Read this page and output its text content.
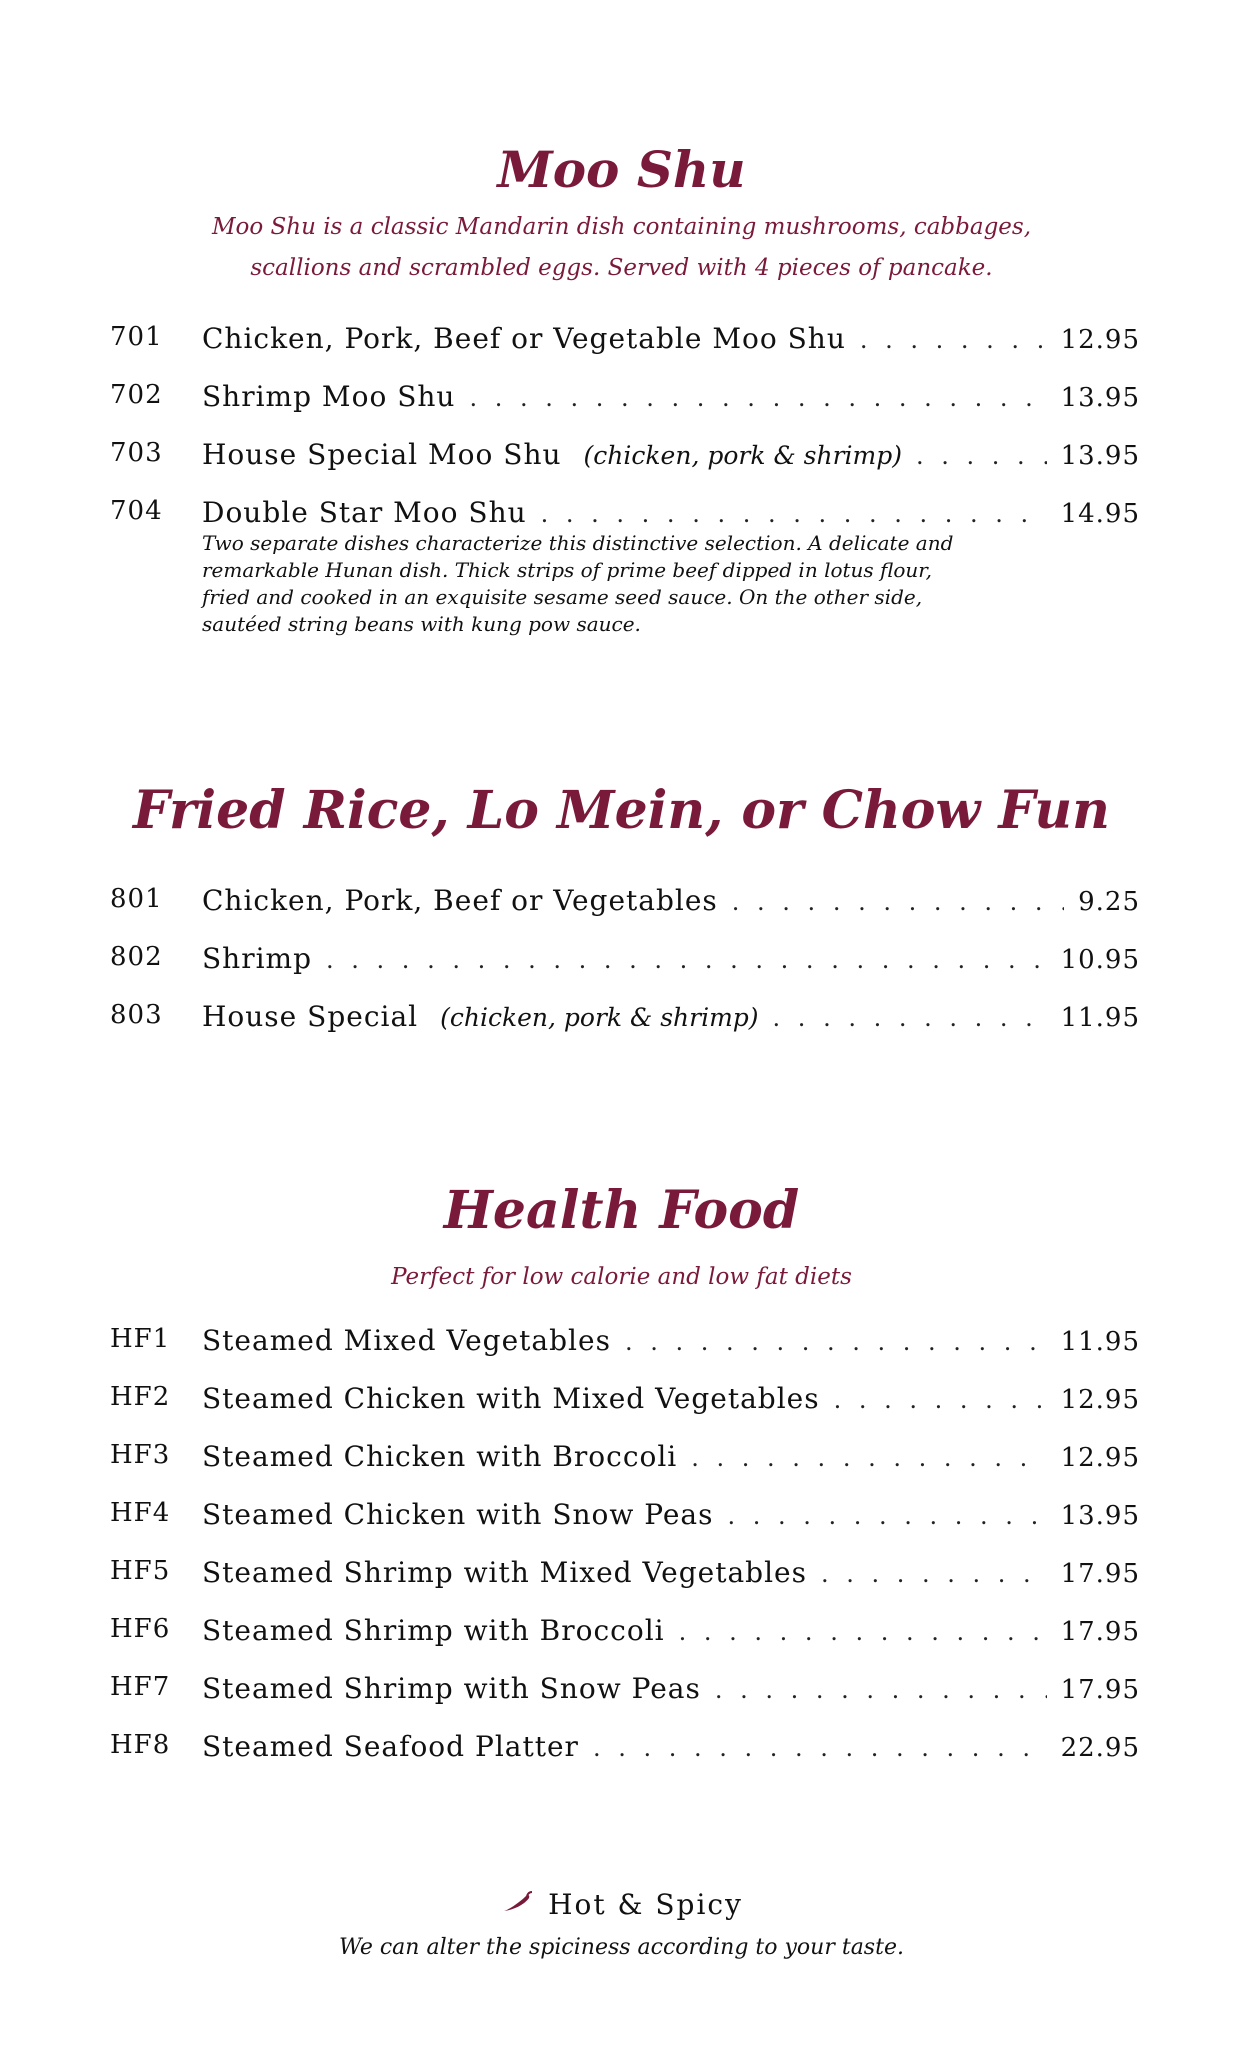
Moo Shu

Moo Shu is a classic Mandarin dish containing mushrooms, cabbages,

scallions and scrambled eggs. Served with 4 pieces of pancake.

701 Chicken, Pork, Beef or Vegetable Moo Shu . . .	12.95
702 Shrimp Moo Shu . . .	13.95
703 House Special Moo Shu (chicken, pork & shrimp) . . .	13.95
704 Double Star Moo Shu . . .	14.95

Two separate dishes characterize this distinctive selection. A delicate and remarkable Hunan dish. Thick strips of prime beef dipped in lotus flour, fried and cooked in an exquisite sesame seed sauce. On the other side, sautéed string beans with kung pow sauce.

Fried Rice, Lo Mein, or Chow Fun
801 Chicken, Pork, Beef or Vegetables . . .	9.25
802 Shrimp . . .	10.95
803 House Special (chicken, pork & shrimp) . . .	11.95
Health Food

Perfect for low calorie and low fat diets

HF1 Steamed Mixed Vegetables . . .	11.95
HF2 Steamed Chicken with Mixed Vegetables . . .	12.95
HF3 Steamed Chicken with Broccoli . . .	12.95
HF4 Steamed Chicken with Snow Peas . . .	13.95
HF5 Steamed Shrimp with Mixed Vegetables . . .	17.95
HF6 Steamed Shrimp with Broccoli . . .	17.95
HF7 Steamed Shrimp with Snow Peas . . .	17.95
HF8 Steamed Seafood Platter . . .	22.95
Hot & Spicy
We can alter the spiciness according to your taste.
